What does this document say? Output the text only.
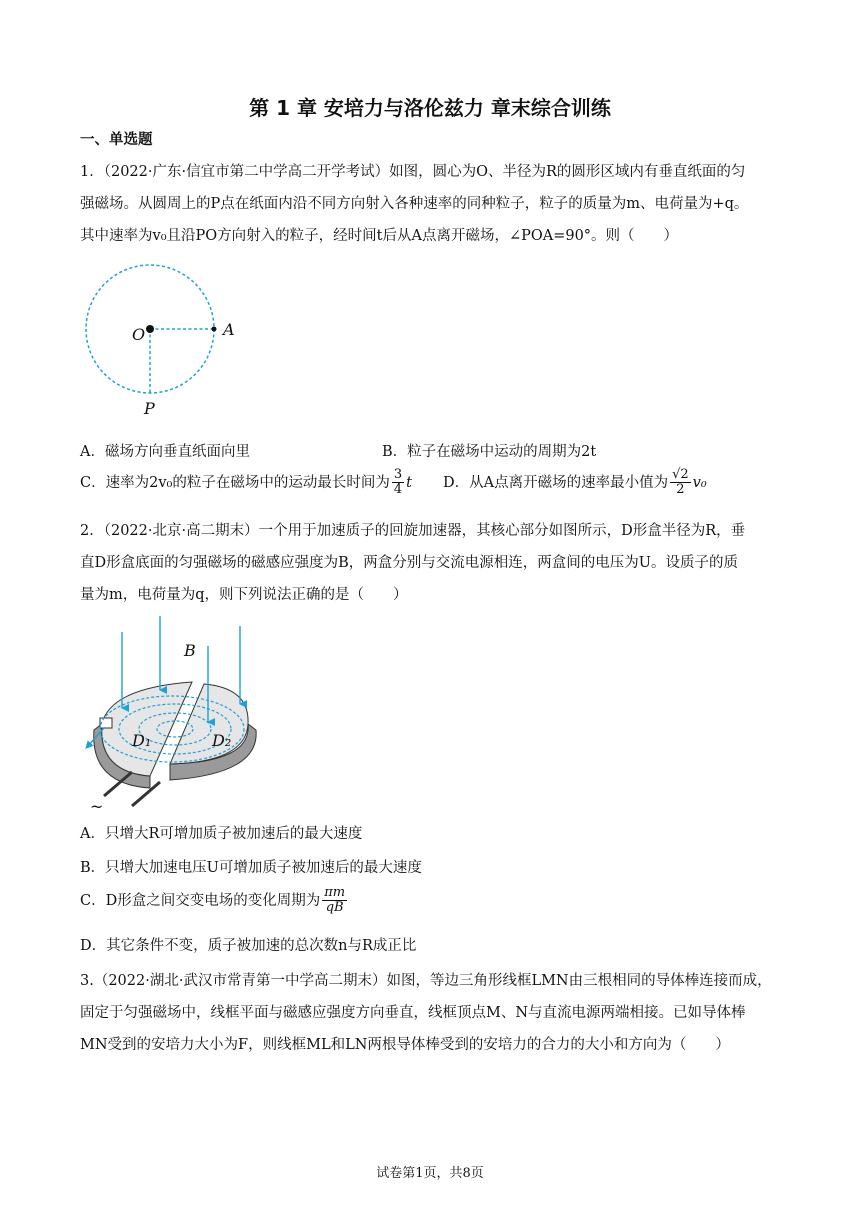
第 1 章 安培力与洛伦兹力 章末综合训练
一、单选题
1．（2022·广东·信宜市第二中学高二开学考试）如图，圆心为O、半径为R的圆形区域内有垂直纸面的匀
强磁场。从圆周上的P点在纸面内沿不同方向射入各种速率的同种粒子，粒子的质量为m、电荷量为+q。
其中速率为v₀且沿PO方向射入的粒子，经时间t后从A点离开磁场，∠POA=90°。则（　　）
O	A
P
A．磁场方向垂直纸面向里	B．粒子在磁场中运动的周期为2t
C．速率为2v₀的粒子在磁场中的运动最长时间为 $\frac{3}{4}$ t D．从A点离开磁场的速率最小值为 $\frac{√2}{2} v_0$
2．（2022·北京·高二期末）一个用于加速质子的回旋加速器，其核心部分如图所示，D形盒半径为R，垂
直D形盒底面的匀强磁场的磁感应强度为B，两盒分别与交流电源相连，两盒间的电压为U。设质子的质
量为m，电荷量为q，则下列说法正确的是（　　）
B
D₁	D₂
~
A．只增大R可增加质子被加速后的最大速度
B．只增大加速电压U可增加质子被加速后的最大速度
C．D形盒之间交变电场的变化周期为 $\frac{\pi m}{qB}$
D．其它条件不变，质子被加速的总次数n与R成正比
3.（2022·湖北·武汉市常青第一中学高二期末）如图，等边三角形线框LMN由三根相同的导体棒连接而成，
固定于匀强磁场中，线框平面与磁感应强度方向垂直，线框顶点M、N与直流电源两端相接。已如导体棒
MN受到的安培力大小为F，则线框ML和LN两根导体棒受到的安培力的合力的大小和方向为（　　）
试卷第1页，共8页
